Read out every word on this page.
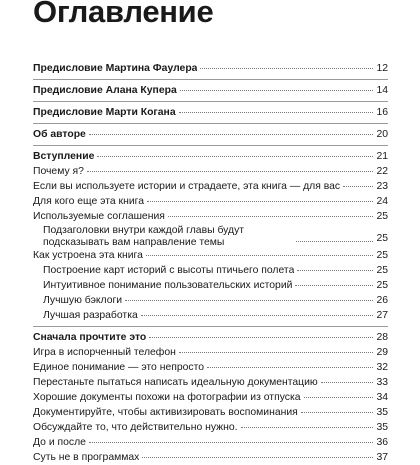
Оглавление
Предисловие Мартина Фаулера	12
Предисловие Алана Купера	14
Предисловие Марти Когана	16
Об авторе	20
Вступление	21
Почему я?	22
Если вы используете истории и страдаете, эта книга — для вас	23
Для кого еще эта книга	24
Используемые соглашения	25
Подзаголовки внутри каждой главы будут подсказывать вам направление темы	25
Как устроена эта книга	25
Построение карт историй с высоты птичьего полета	25
Интуитивное понимание пользовательских историй	25
Лучшую бэклоги	26
Лучшая разработка	27
Сначала прочтите это	28
Игра в испорченный телефон	29
Единое понимание — это непросто	32
Перестаньте пытаться написать идеальную документацию	33
Хорошие документы похожи на фотографии из отпуска	34
Документируйте, чтобы активизировать воспоминания	35
Обсуждайте то, что действительно нужно.	35
До и после	36
Суть не в программах	37
